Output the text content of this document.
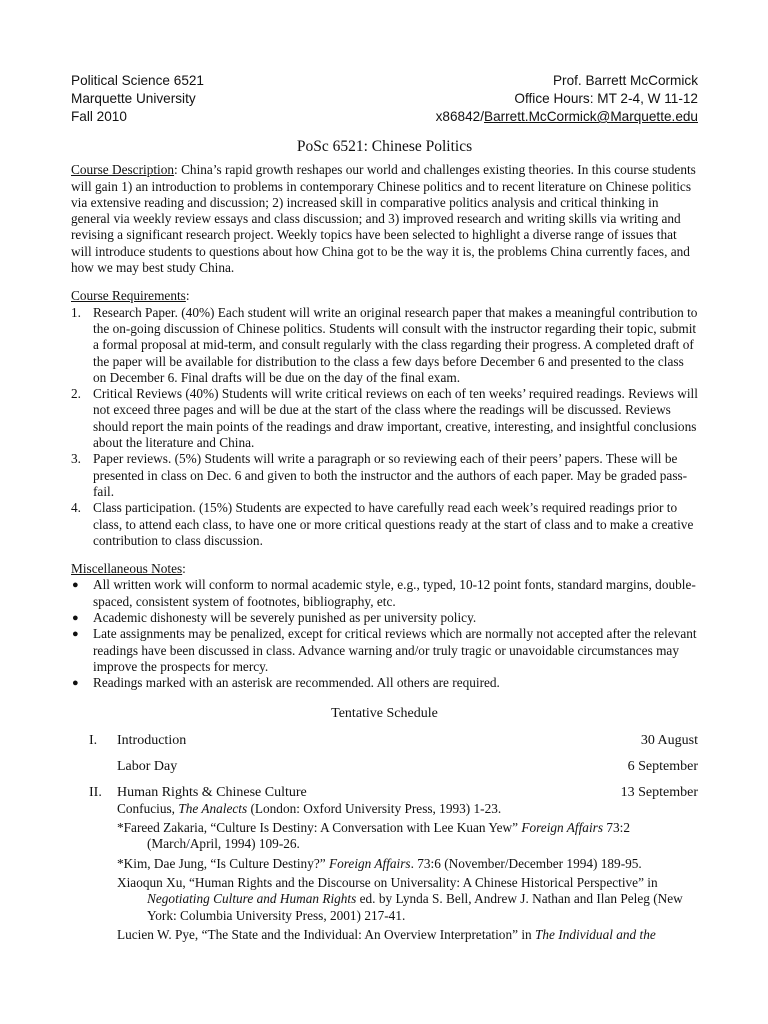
Political Science 6521
Marquette University
Fall 2010
Prof. Barrett McCormick
Office Hours: MT 2-4, W 11-12
x86842/Barrett.McCormick@Marquette.edu
PoSc 6521: Chinese Politics

Course Description: China’s rapid growth reshapes our world and challenges existing theories. In this course students will gain 1) an introduction to problems in contemporary Chinese politics and to recent literature on Chinese politics via extensive reading and discussion; 2) increased skill in comparative politics analysis and critical thinking in general via weekly review essays and class discussion; and 3) improved research and writing skills via writing and revising a significant research project. Weekly topics have been selected to highlight a diverse range of issues that will introduce students to questions about how China got to be the way it is, the problems China currently faces, and how we may best study China.

Course Requirements:
1. Research Paper. (40%) Each student will write an original research paper that makes a meaningful contribution to the on-going discussion of Chinese politics. Students will consult with the instructor regarding their topic, submit a formal proposal at mid-term, and consult regularly with the class regarding their progress. A completed draft of the paper will be available for distribution to the class a few days before December 6 and presented to the class on December 6. Final drafts will be due on the day of the final exam.
2. Critical Reviews (40%) Students will write critical reviews on each of ten weeks’ required readings. Reviews will not exceed three pages and will be due at the start of the class where the readings will be discussed. Reviews should report the main points of the readings and draw important, creative, interesting, and insightful conclusions about the literature and China.
3. Paper reviews. (5%) Students will write a paragraph or so reviewing each of their peers’ papers. These will be presented in class on Dec. 6 and given to both the instructor and the authors of each paper. May be graded pass-fail.
4. Class participation. (15%) Students are expected to have carefully read each week’s required readings prior to class, to attend each class, to have one or more critical questions ready at the start of class and to make a creative contribution to class discussion.
Miscellaneous Notes:
● All written work will conform to normal academic style, e.g., typed, 10-12 point fonts, standard margins, double-spaced, consistent system of footnotes, bibliography, etc.
● Academic dishonesty will be severely punished as per university policy.
● Late assignments may be penalized, except for critical reviews which are normally not accepted after the relevant readings have been discussed in class. Advance warning and/or truly tragic or unavoidable circumstances may improve the prospects for mercy.
● Readings marked with an asterisk are recommended. All others are required.
Tentative Schedule
I. Introduction	30 August
Labor Day	6 September
II. Human Rights & Chinese Culture	13 September

Confucius, The Analects (London: Oxford University Press, 1993) 1-23.

*Fareed Zakaria, “Culture Is Destiny: A Conversation with Lee Kuan Yew” Foreign Affairs 73:2 (March/April, 1994) 109-26.

*Kim, Dae Jung, “Is Culture Destiny?” Foreign Affairs. 73:6 (November/December 1994) 189-95.

Xiaoqun Xu, “Human Rights and the Discourse on Universality: A Chinese Historical Perspective” in Negotiating Culture and Human Rights ed. by Lynda S. Bell, Andrew J. Nathan and Ilan Peleg (New York: Columbia University Press, 2001) 217-41.

Lucien W. Pye, “The State and the Individual: An Overview Interpretation” in The Individual and the
